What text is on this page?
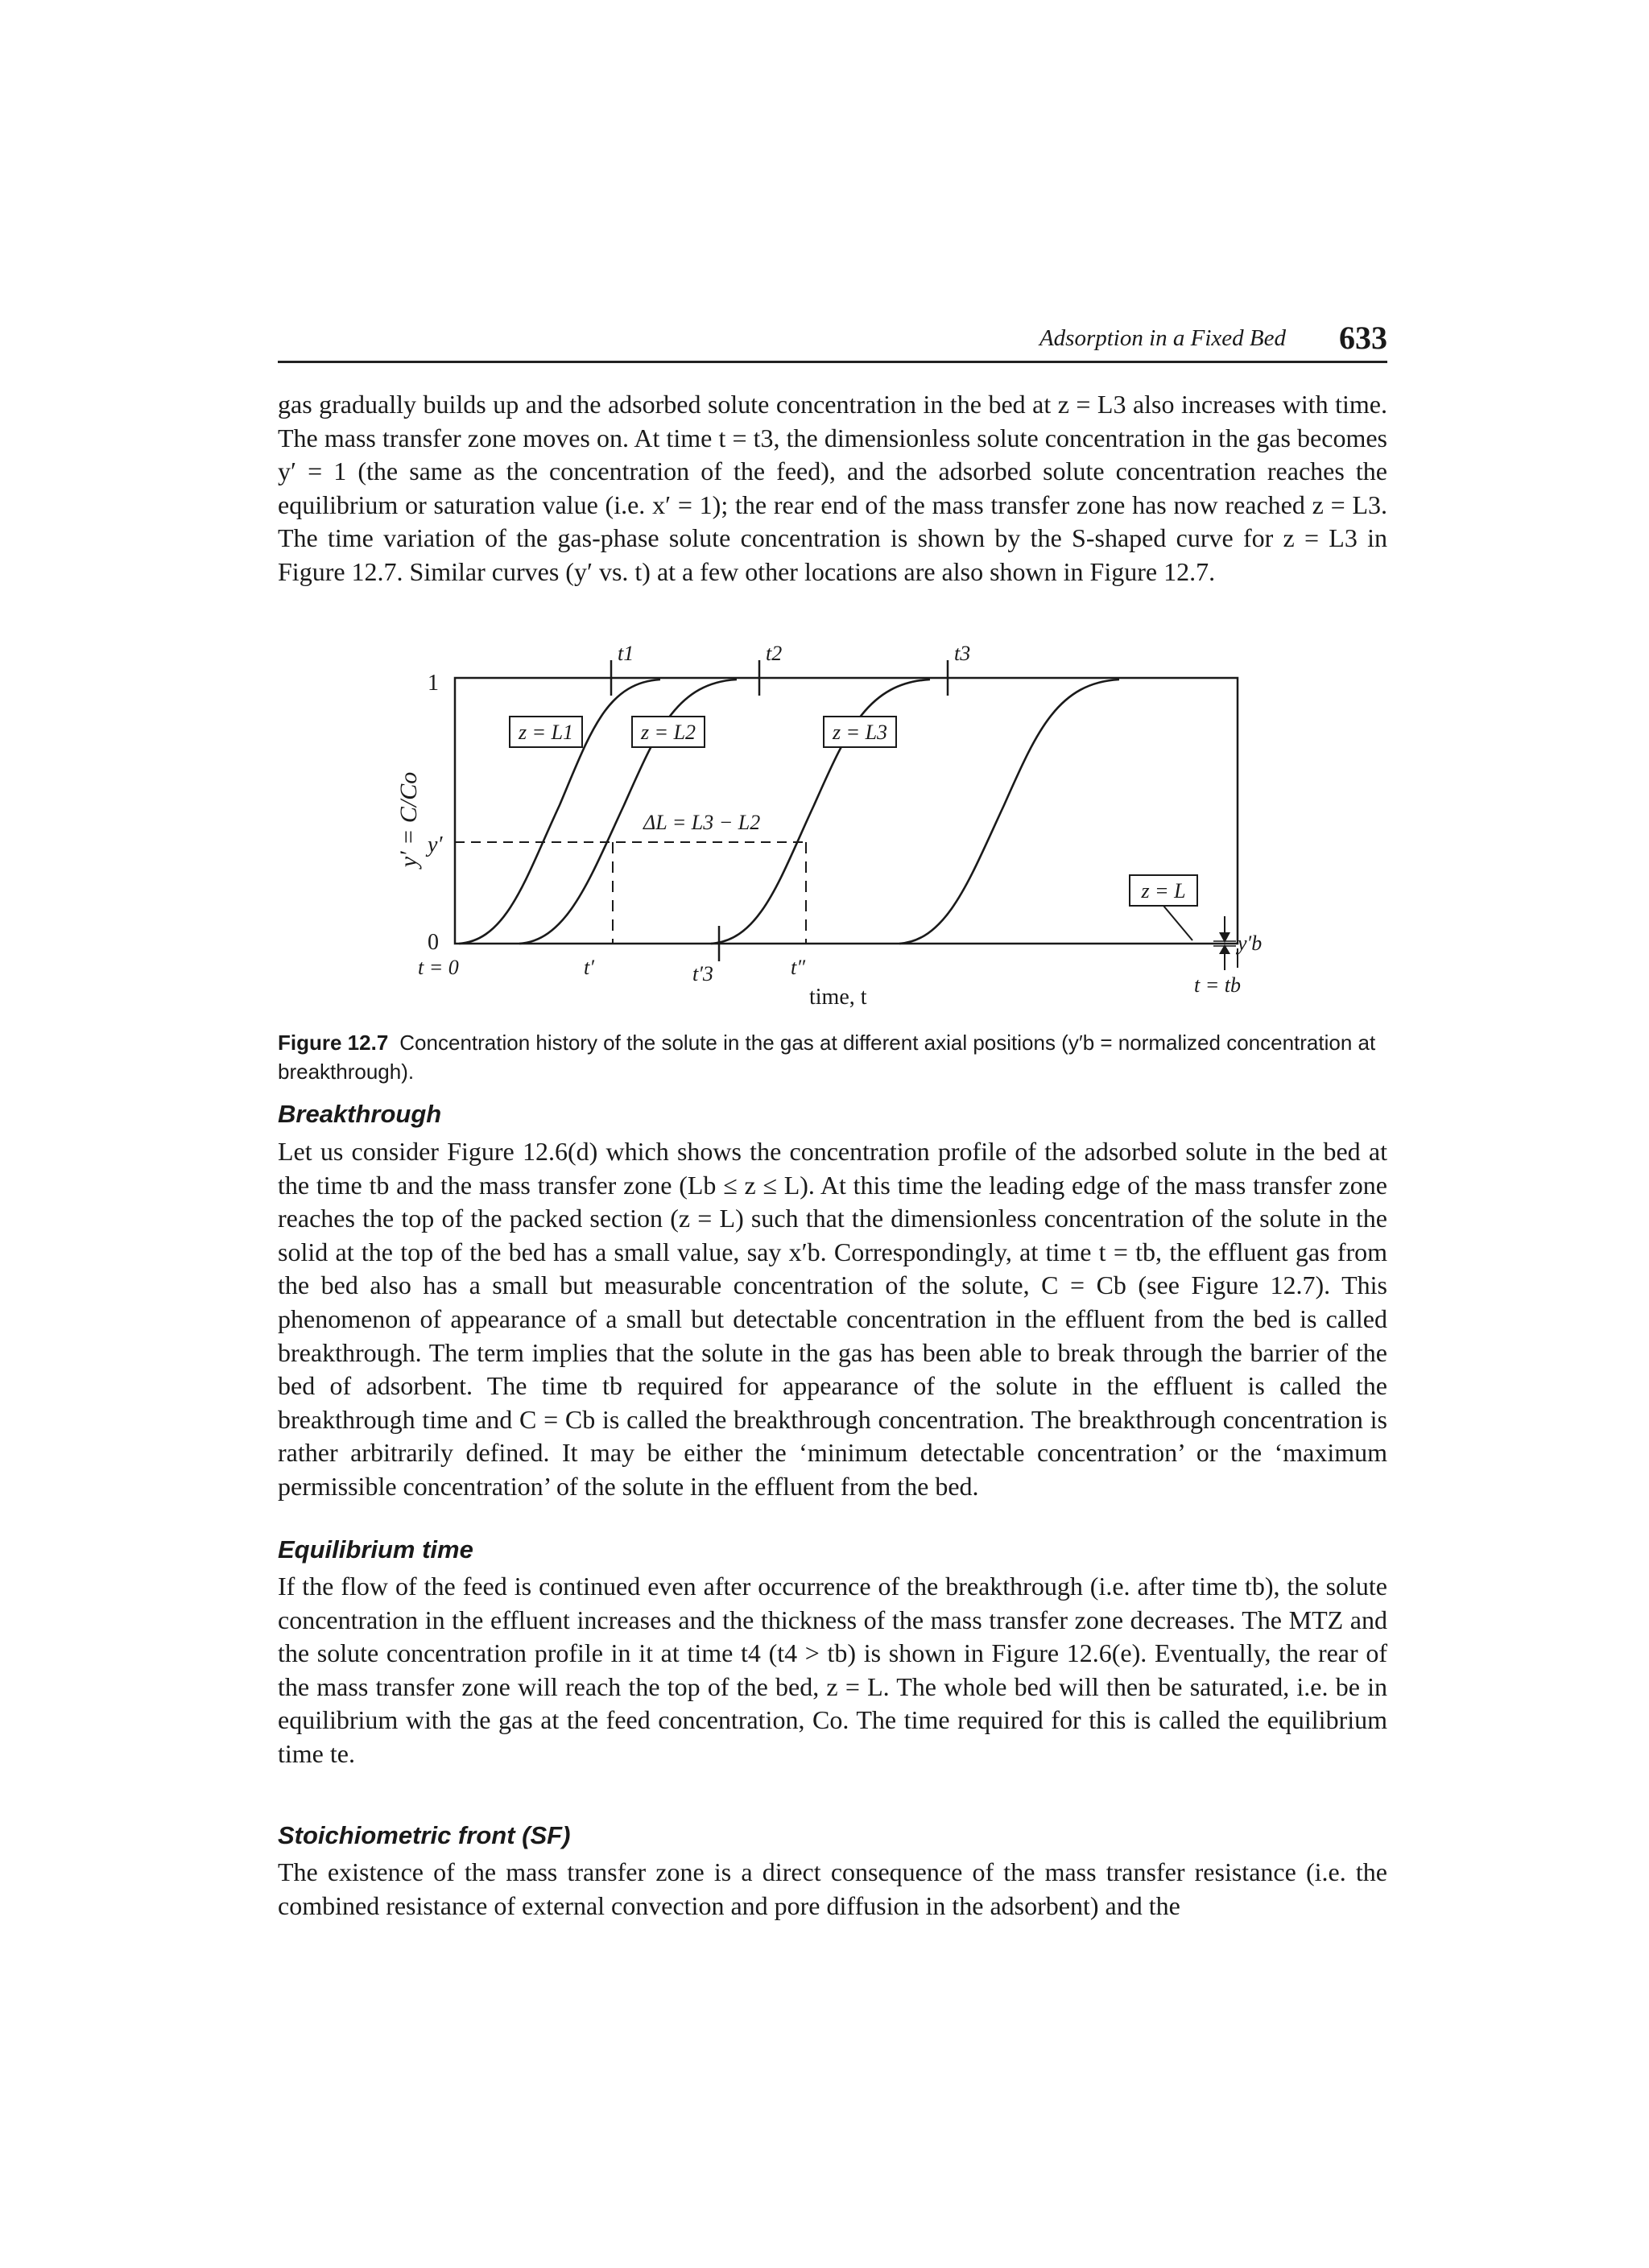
Adsorption in a Fixed Bed 633

gas gradually builds up and the adsorbed solute concentration in the bed at z = L3 also increases with time. The mass transfer zone moves on. At time t = t3, the dimensionless solute concentration in the gas becomes y′ = 1 (the same as the concentration of the feed), and the adsorbed solute concentration reaches the equilibrium or saturation value (i.e. x′ = 1); the rear end of the mass transfer zone has now reached z = L3. The time variation of the gas-phase solute concentration is shown by the S-shaped curve for z = L3 in Figure 12.7. Similar curves (y′ vs. t) at a few other locations are also shown in Figure 12.7.

y′ = C/Co
1
y′
0
t1	t2	t3
z = L1	z = L2	z = L3
z = L
ΔL = L3 − L2
y′b
t = 0	t′	t′3	t″
time, t	t = tb

Figure 12.7 Concentration history of the solute in the gas at different axial positions (y′b = normalized concentration at breakthrough).

Breakthrough

Let us consider Figure 12.6(d) which shows the concentration profile of the adsorbed solute in the bed at the time tb and the mass transfer zone (Lb ≤ z ≤ L). At this time the leading edge of the mass transfer zone reaches the top of the packed section (z = L) such that the dimensionless concentration of the solute in the solid at the top of the bed has a small value, say x′b. Correspondingly, at time t = tb, the effluent gas from the bed also has a small but measurable concentration of the solute, C = Cb (see Figure 12.7). This phenomenon of appearance of a small but detectable concentration in the effluent from the bed is called breakthrough. The term implies that the solute in the gas has been able to break through the barrier of the bed of adsorbent. The time tb required for appearance of the solute in the effluent is called the breakthrough time and C = Cb is called the breakthrough concentration. The breakthrough concentration is rather arbitrarily defined. It may be either the ‘minimum detectable concentration’ or the ‘maximum permissible concentration’ of the solute in the effluent from the bed.

Equilibrium time

If the flow of the feed is continued even after occurrence of the breakthrough (i.e. after time tb), the solute concentration in the effluent increases and the thickness of the mass transfer zone decreases. The MTZ and the solute concentration profile in it at time t4 (t4 > tb) is shown in Figure 12.6(e). Eventually, the rear of the mass transfer zone will reach the top of the bed, z = L. The whole bed will then be saturated, i.e. be in equilibrium with the gas at the feed concentration, Co. The time required for this is called the equilibrium time te.

Stoichiometric front (SF)

The existence of the mass transfer zone is a direct consequence of the mass transfer resistance (i.e. the combined resistance of external convection and pore diffusion in the adsorbent) and the
